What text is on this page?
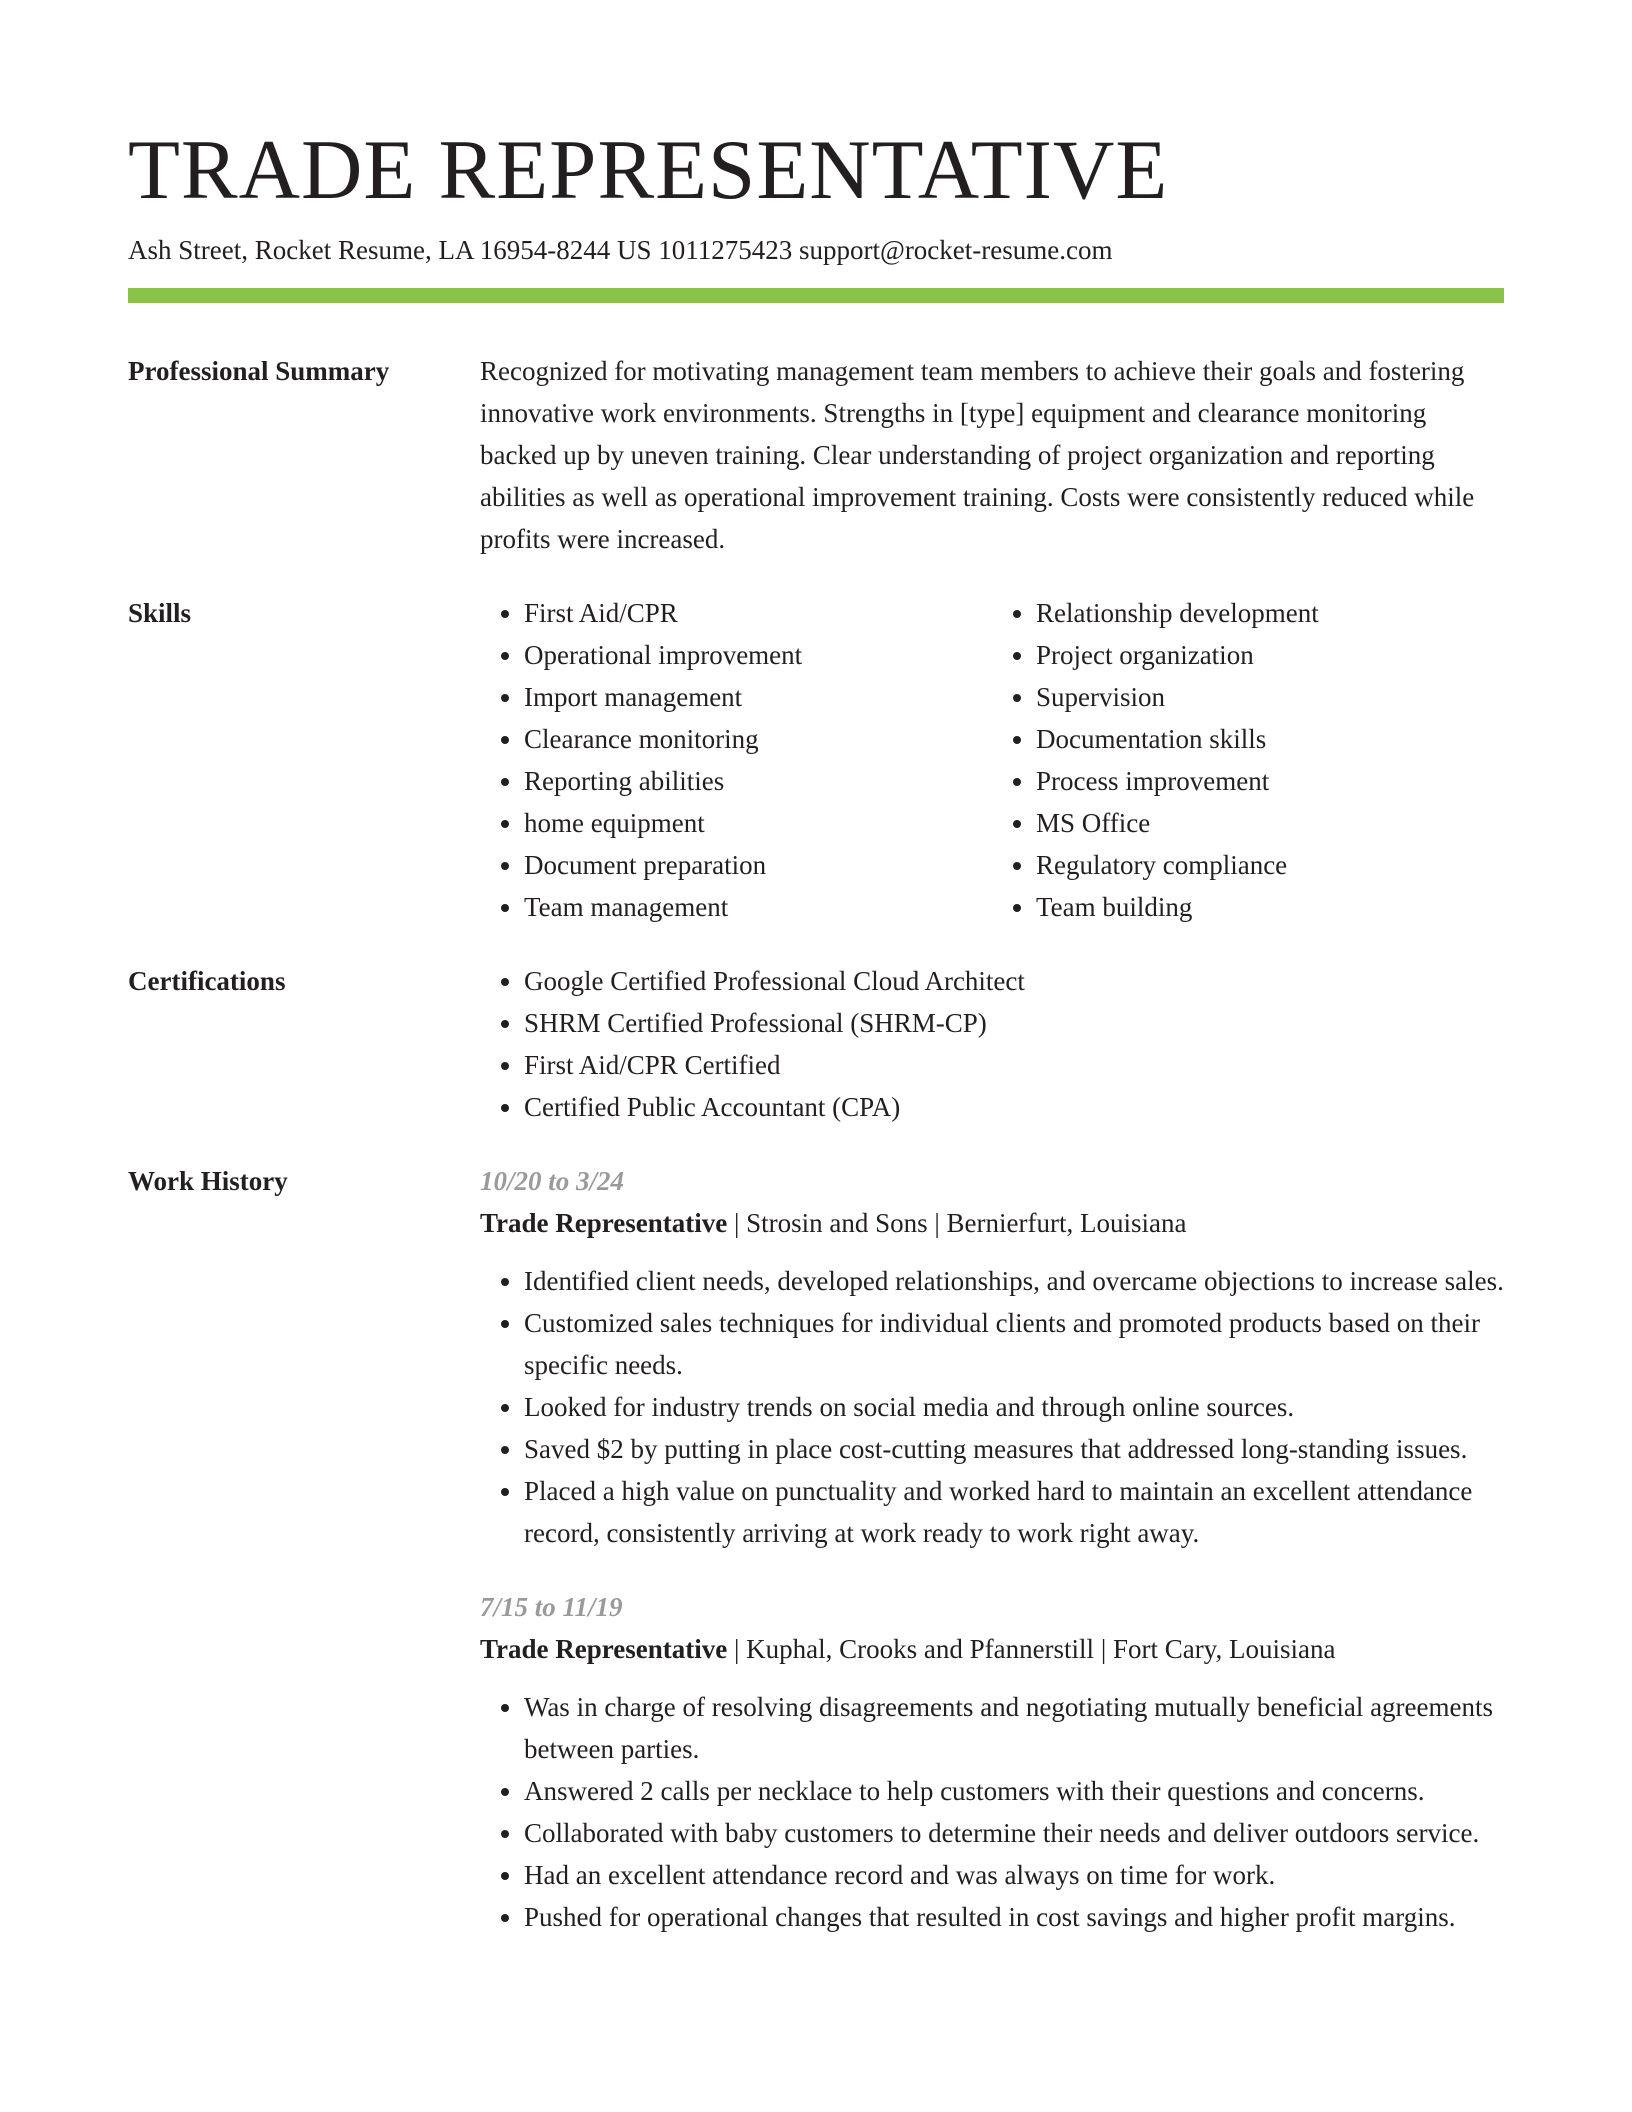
TRADE REPRESENTATIVE
Ash Street, Rocket Resume, LA 16954-8244 US 1011275423 support@rocket-resume.com
Professional Summary	Recognized for motivating management team members to achieve their goals and fostering innovative work environments. Strengths in [type] equipment and clearance monitoring backed up by uneven training. Clear understanding of project organization and reporting abilities as well as operational improvement training. Costs were consistently reduced while profits were increased.

Skills	• First Aid/CPR
• Operational improvement
• Import management
• Clearance monitoring
• Reporting abilities
• home equipment
• Document preparation
• Team management
• Relationship development
• Project organization
• Supervision
• Documentation skills
• Process improvement
• MS Office
• Regulatory compliance
• Team building
Certifications	• Google Certified Professional Cloud Architect
• SHRM Certified Professional (SHRM-CP)
• First Aid/CPR Certified
• Certified Public Accountant (CPA)
Work History	10/20 to 3/24
Trade Representative | Strosin and Sons | Bernierfurt, Louisiana
• Identified client needs, developed relationships, and overcame objections to increase sales.
• Customized sales techniques for individual clients and promoted products based on their specific needs.
• Looked for industry trends on social media and through online sources.
• Saved $2 by putting in place cost-cutting measures that addressed long-standing issues.
• Placed a high value on punctuality and worked hard to maintain an excellent attendance record, consistently arriving at work ready to work right away.
7/15 to 11/19
Trade Representative | Kuphal, Crooks and Pfannerstill | Fort Cary, Louisiana
• Was in charge of resolving disagreements and negotiating mutually beneficial agreements between parties.
• Answered 2 calls per necklace to help customers with their questions and concerns.
• Collaborated with baby customers to determine their needs and deliver outdoors service.
• Had an excellent attendance record and was always on time for work.
• Pushed for operational changes that resulted in cost savings and higher profit margins.
